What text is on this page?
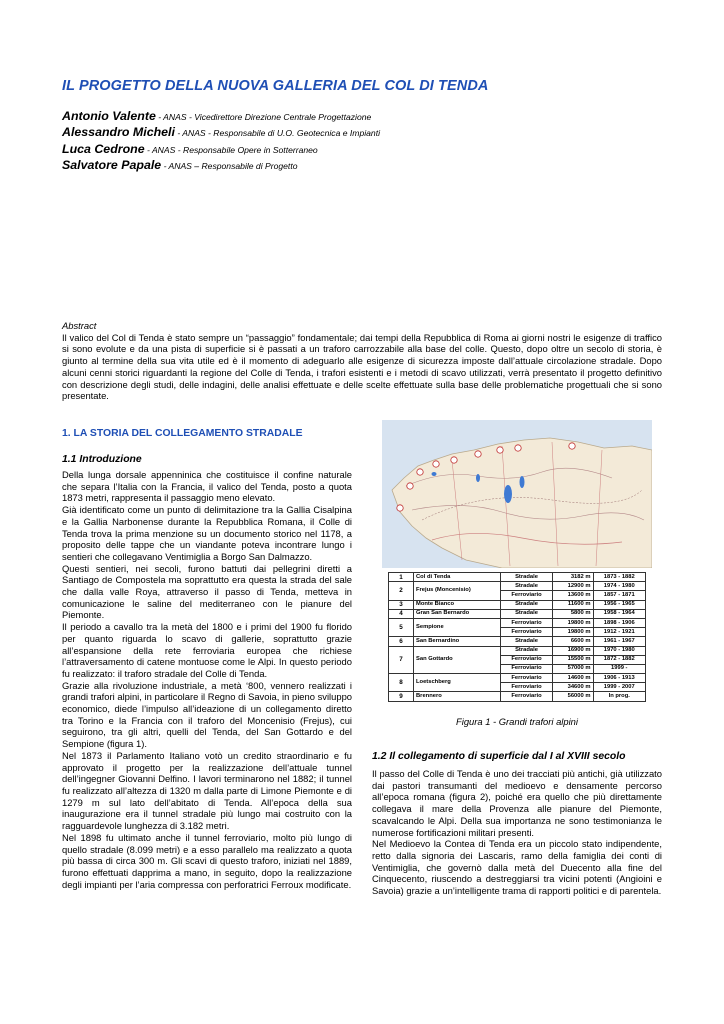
IL PROGETTO DELLA NUOVA GALLERIA DEL COL DI TENDA
Antonio Valente - ANAS - Vicedirettore Direzione Centrale Progettazione
Alessandro Micheli - ANAS - Responsabile di U.O. Geotecnica e Impianti
Luca Cedrone - ANAS - Responsabile Opere in Sotterraneo
Salvatore Papale - ANAS – Responsabile di Progetto
Abstract

Il valico del Col di Tenda è stato sempre un “passaggio” fondamentale; dai tempi della Repubblica di Roma ai giorni nostri le esigenze di traffico si sono evolute e da una pista di superficie si è passati a un traforo carrozzabile alla base del colle. Questo, dopo oltre un secolo di storia, è giunto al termine della sua vita utile ed è il momento di adeguarlo alle esigenze di sicurezza imposte dall’attuale circolazione stradale. Dopo alcuni cenni storici riguardanti la regione del Colle di Tenda, i trafori esistenti e i metodi di scavo utilizzati, verrà presentato il progetto definitivo con descrizione degli studi, delle indagini, delle analisi effettuate e delle scelte effettuate sulla base delle problematiche progettuali che si sono presentate.

1. LA STORIA DEL COLLEGAMENTO STRADALE
1.1 Introduzione

Della lunga dorsale appenninica che costituisce il confine naturale che separa l’Italia con la Francia, il valico del Tenda, posto a quota 1873 metri, rappresenta il passaggio meno elevato.

Già identificato come un punto di delimitazione tra la Gallia Cisalpina e la Gallia Narbonense durante la Repubblica Romana, il Colle di Tenda trova la prima menzione su un documento storico nel 1178, a proposito delle tappe che un viandante poteva incontrare lungo i sentieri che collegavano Ventimiglia a Borgo San Dalmazzo.

Questi sentieri, nei secoli, furono battuti dai pellegrini diretti a Santiago de Compostela ma soprattutto era questa la strada del sale che dalla valle Roya, attraverso il passo di Tenda, metteva in comunicazione le saline del mediterraneo con le pianure del Piemonte.

Il periodo a cavallo tra la metà del 1800 e i primi del 1900 fu florido per quanto riguarda lo scavo di gallerie, soprattutto grazie all’espansione della rete ferroviaria europea che richiese l’attraversamento di catene montuose come le Alpi. In questo periodo fu realizzato: il traforo stradale del Colle di Tenda.

Grazie alla rivoluzione industriale, a metà ‘800, vennero realizzati i grandi trafori alpini, in particolare il Regno di Savoia, in pieno sviluppo economico, diede l’impulso all’ideazione di un collegamento diretto tra Torino e la Francia con il traforo del Moncenisio (Frejus), cui seguirono, tra gli altri, quelli del Tenda, del San Gottardo e del Sempione (figura 1).

Nel 1873 il Parlamento Italiano votò un credito straordinario e fu approvato il progetto per la realizzazione dell’attuale tunnel dell’ingegner Giovanni Delfino. I lavori terminarono nel 1882; il tunnel fu realizzato all’altezza di 1320 m dalla parte di Limone Piemonte e di 1279 m sul lato dell’abitato di Tenda. All’epoca della sua inaugurazione era il tunnel stradale più lungo mai costruito con la ragguardevole lunghezza di 3.182 metri.

Nel 1898 fu ultimato anche il tunnel ferroviario, molto più lungo di quello stradale (8.099 metri) e a esso parallelo ma realizzato a quota più bassa di circa 300 m. Gli scavi di questo traforo, iniziati nel 1889, furono effettuati dapprima a mano, in seguito, dopo la realizzazione degli impianti per l’aria compressa con perforatrici Ferroux modificate.

1	Col di Tenda	Stradale	3182 m	1873 - 1882
2	Frejus (Moncenisio)	Stradale	12900 m	1974 - 1980
		Ferroviario	13600 m	1857 - 1871
3	Monte Bianco	Stradale	11600 m	1956 - 1965
4	Gran San Bernardo	Stradale	5800 m	1958 - 1964
5	Sempione	Ferroviario	19800 m	1898 - 1906
		Ferroviario	19800 m	1912 - 1921
6	San Bernardino	Stradale	6600 m	1961 - 1967
7	San Gottardo	Stradale	16900 m	1970 - 1980
		Ferroviario	15500 m	1872 - 1882
		Ferroviario	57000 m	1999 -
8	Loetschberg	Ferroviario	14600 m	1906 - 1913
		Ferroviario	34600 m	1999 - 2007
9	Brennero	Ferroviario	56000 m	In prog.
Figura 1 - Grandi trafori alpini
1.2 Il collegamento di superficie dal I al XVIII secolo

Il passo del Colle di Tenda è uno dei tracciati più antichi, già utilizzato dai pastori transumanti del medioevo e densamente percorso all’epoca romana (figura 2), poiché era quello che più direttamente collegava il mare della Provenza alle pianure del Piemonte, scavalcando le Alpi. Della sua importanza ne sono testimonianza le numerose fortificazioni militari presenti.

Nel Medioevo la Contea di Tenda era un piccolo stato indipendente, retto dalla signoria dei Lascaris, ramo della famiglia dei conti di Ventimiglia, che governò dalla metà del Duecento alla fine del Cinquecento, riuscendo a destreggiarsi tra vicini potenti (Angioini e Savoia) grazie a un’intelligente trama di rapporti politici e di parentela.
